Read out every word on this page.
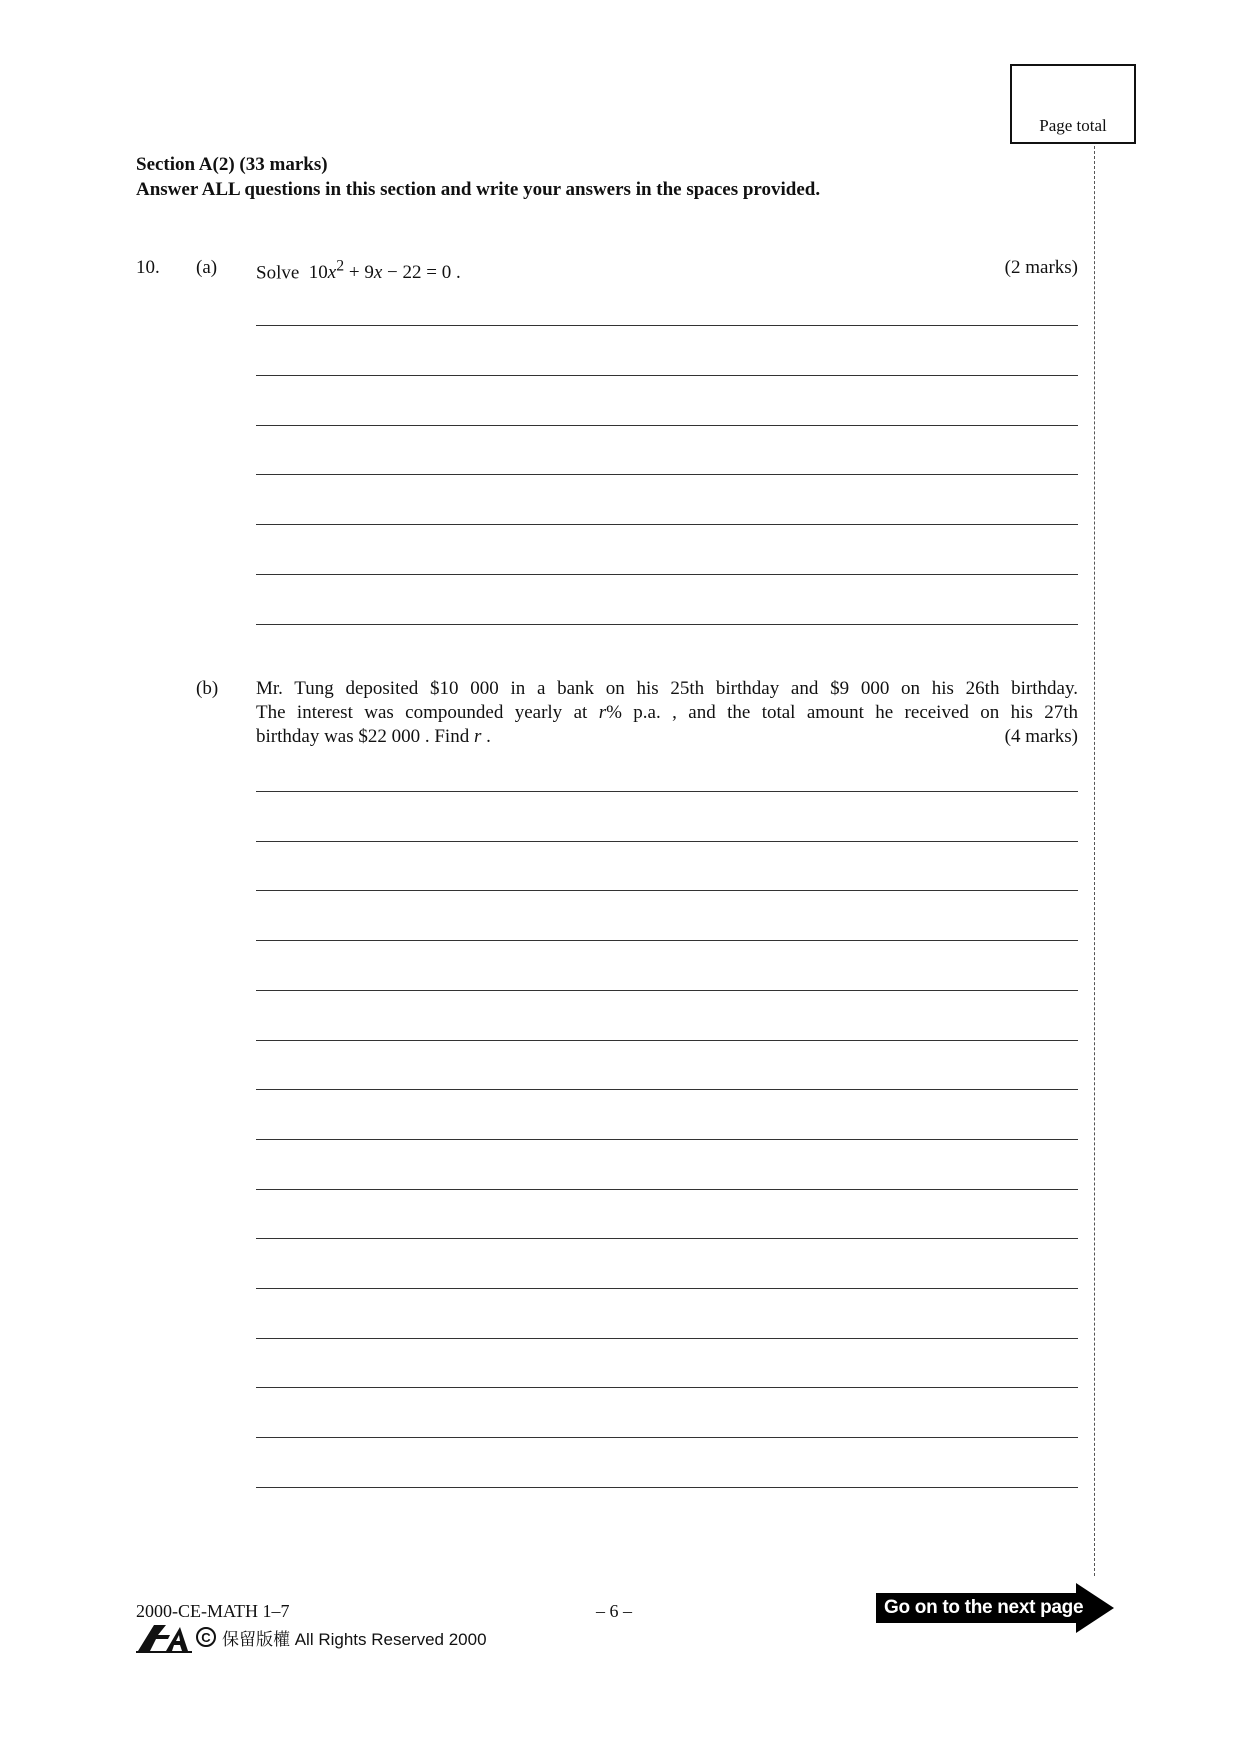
Page total
Section A(2) (33 marks)
Answer ALL questions in this section and write your answers in the spaces provided.
10. (a) Solve $10x^2 + 9x - 22 = 0$ .	(2 marks)
(b) Mr. Tung deposited $10 000 in a bank on his 25th birthday and $9 000 on his 26th birthday.
The interest was compounded yearly at r% p.a. , and the total amount he received on his 27th
birthday was $22 000 . Find r .	(4 marks)
2000-CE-MATH 1–7	– 6 –
C 保留版權 All Rights Reserved 2000
Go on to the next page
